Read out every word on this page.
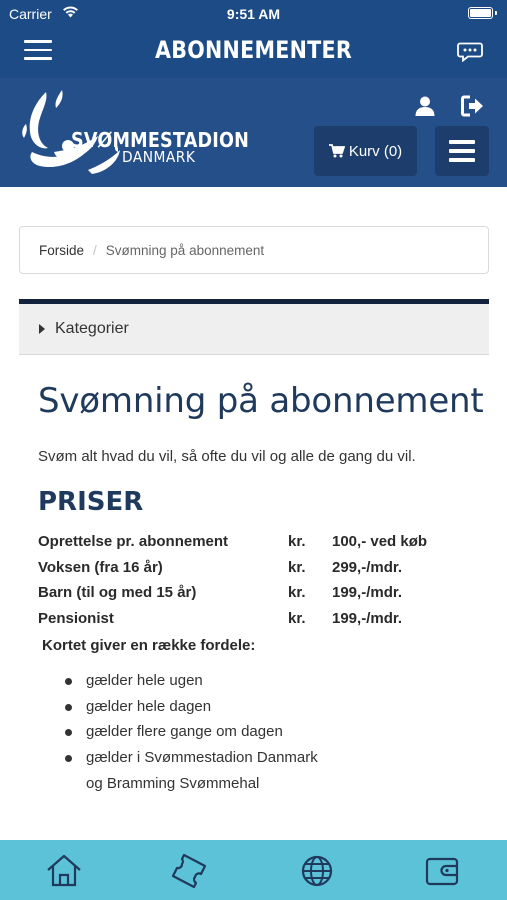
Carrier	9:51 AM
ABONNEMENTER
SVØMMESTADION
DANMARK	Kurv (0)
Forside / Svømning på abonnement
Kategorier
Svømning på abonnement

Svøm alt hvad du vil, så ofte du vil og alle de gang du vil.

PRISER
Oprettelse pr. abonnement	kr. 100,- ved køb
Voksen (fra 16 år)	kr. 299,-/mdr.
Barn (til og med 15 år)	kr. 199,-/mdr.
Pensionist	kr. 199,-/mdr.

Kortet giver en række fordele:

gælder hele ugen
gælder hele dagen
gælder flere gange om dagen
gælder i Svømmestadion Danmark
og Bramming Svømmehal
